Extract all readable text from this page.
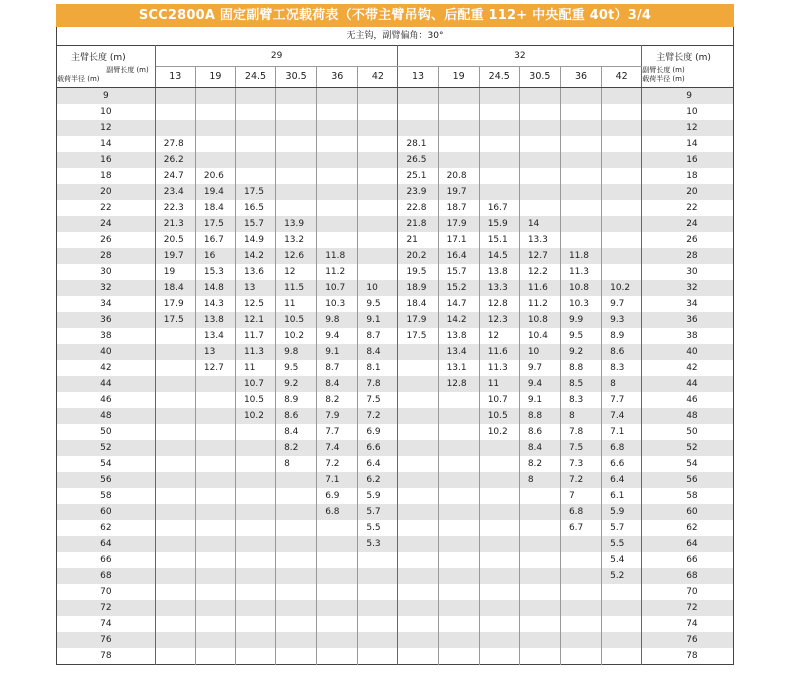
SCC2800A 固定副臂工况载荷表（不带主臂吊钩、后配重 112+ 中央配重 40t）3/4
无主钩，副臂偏角：30°													

主臂长度 (m)
副臂长度 (m)
载荷半径 (m)	29						32						主臂长度 (m)
副臂长度 (m)
载荷半径 (m)

	13	19	24.5	30.5	36	42	13	19	24.5	30.5	36	42	
9													9
10													10
12													12
14	27.8						28.1						14
16	26.2						26.5						16
18	24.7	20.6					25.1	20.8					18
20	23.4	19.4	17.5				23.9	19.7					20
22	22.3	18.4	16.5				22.8	18.7	16.7				22
24	21.3	17.5	15.7	13.9			21.8	17.9	15.9	14			24
26	20.5	16.7	14.9	13.2			21	17.1	15.1	13.3			26
28	19.7	16	14.2	12.6	11.8		20.2	16.4	14.5	12.7	11.8		28
30	19	15.3	13.6	12	11.2		19.5	15.7	13.8	12.2	11.3		30
32	18.4	14.8	13	11.5	10.7	10	18.9	15.2	13.3	11.6	10.8	10.2	32
34	17.9	14.3	12.5	11	10.3	9.5	18.4	14.7	12.8	11.2	10.3	9.7	34
36	17.5	13.8	12.1	10.5	9.8	9.1	17.9	14.2	12.3	10.8	9.9	9.3	36
38		13.4	11.7	10.2	9.4	8.7	17.5	13.8	12	10.4	9.5	8.9	38
40		13	11.3	9.8	9.1	8.4		13.4	11.6	10	9.2	8.6	40
42		12.7	11	9.5	8.7	8.1		13.1	11.3	9.7	8.8	8.3	42
44			10.7	9.2	8.4	7.8		12.8	11	9.4	8.5	8	44
46			10.5	8.9	8.2	7.5			10.7	9.1	8.3	7.7	46
48			10.2	8.6	7.9	7.2			10.5	8.8	8	7.4	48
50				8.4	7.7	6.9			10.2	8.6	7.8	7.1	50
52				8.2	7.4	6.6				8.4	7.5	6.8	52
54				8	7.2	6.4				8.2	7.3	6.6	54
56					7.1	6.2				8	7.2	6.4	56
58					6.9	5.9					7	6.1	58
60					6.8	5.7					6.8	5.9	60
62						5.5					6.7	5.7	62
64						5.3						5.5	64
66												5.4	66
68												5.2	68
70													70
72													72
74													74
76													76
78													78
